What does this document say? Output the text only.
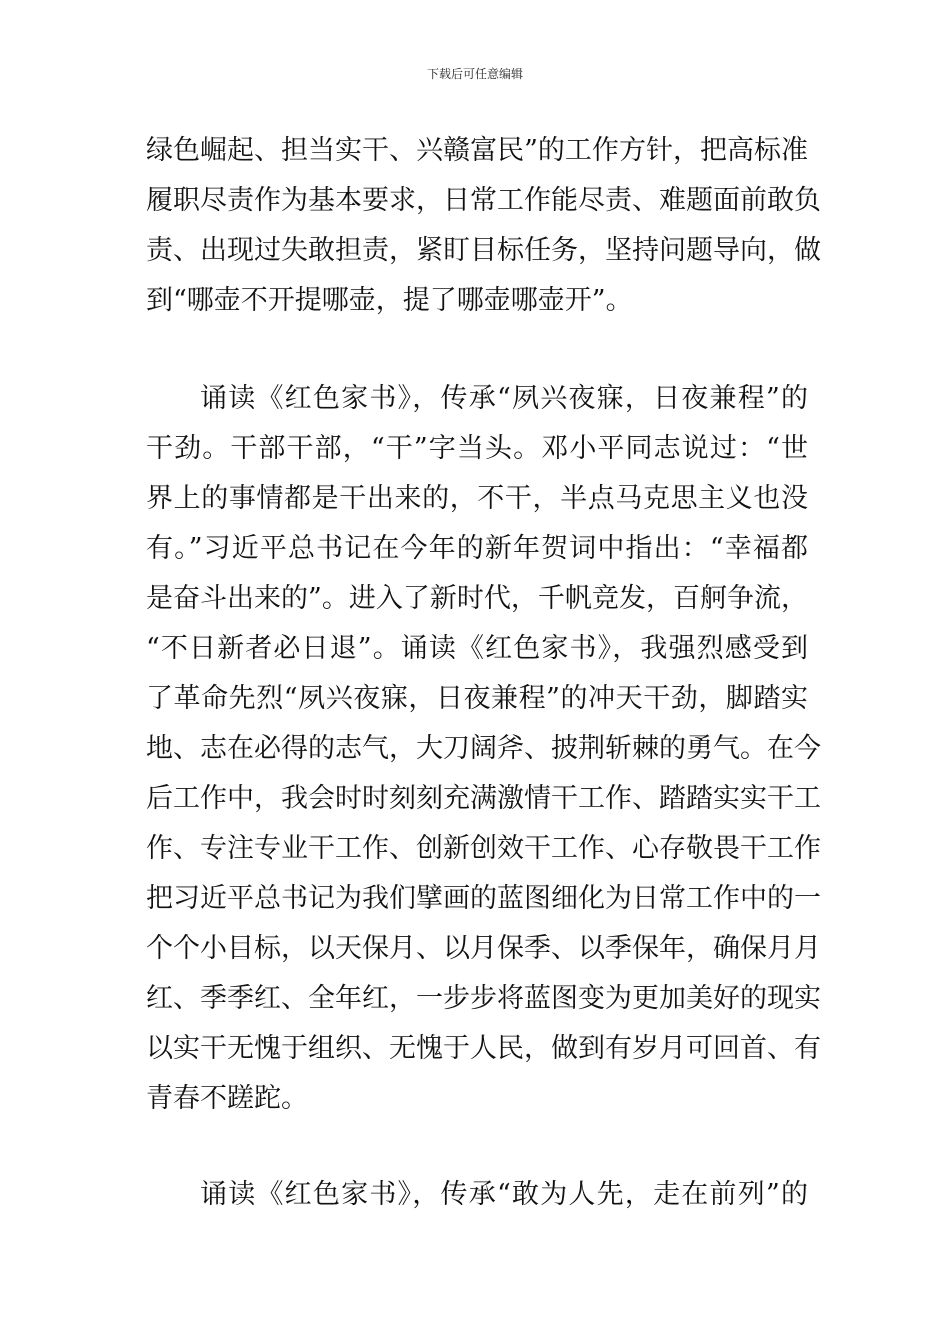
下载后可任意编辑
绿色崛起、担当实干、兴赣富民”的工作方针，把高标准
履职尽责作为基本要求，日常工作能尽责、难题面前敢负
责、出现过失敢担责，紧盯目标任务，坚持问题导向，做
到“哪壶不开提哪壶，提了哪壶哪壶开”。
诵读《红色家书》，传承“夙兴夜寐，日夜兼程”的
干劲。干部干部，“干”字当头。邓小平同志说过：“世
界上的事情都是干出来的，不干，半点马克思主义也没
有。”习近平总书记在今年的新年贺词中指出：“幸福都
是奋斗出来的”。进入了新时代，千帆竞发，百舸争流，
“不日新者必日退”。诵读《红色家书》，我强烈感受到
了革命先烈“夙兴夜寐，日夜兼程”的冲天干劲，脚踏实
地、志在必得的志气，大刀阔斧、披荆斩棘的勇气。在今
后工作中，我会时时刻刻充满激情干工作、踏踏实实干工
作、专注专业干工作、创新创效干工作、心存敬畏干工作
把习近平总书记为我们擘画的蓝图细化为日常工作中的一
个个小目标，以天保月、以月保季、以季保年，确保月月
红、季季红、全年红，一步步将蓝图变为更加美好的现实
以实干无愧于组织、无愧于人民，做到有岁月可回首、有
青春不蹉跎。
诵读《红色家书》，传承“敢为人先，走在前列”的
